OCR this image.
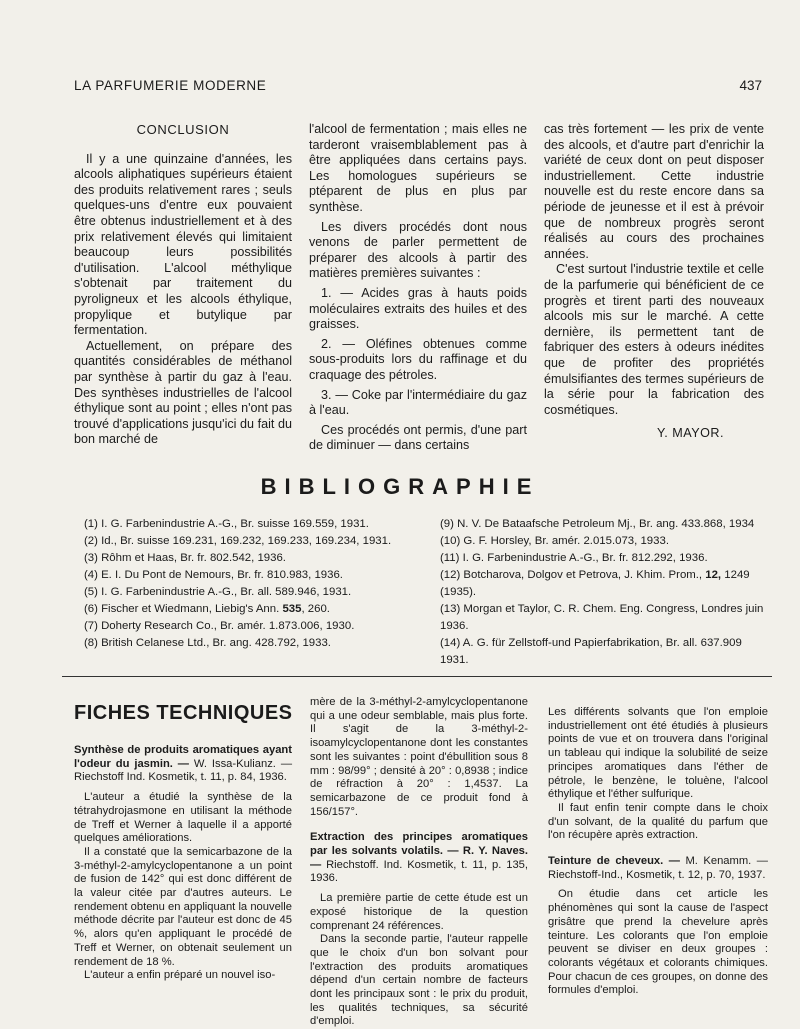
LA PARFUMERIE MODERNE	437
CONCLUSION

Il y a une quinzaine d'années, les alcools aliphatiques supérieurs étaient des produits relativement rares ; seuls quelques-uns d'entre eux pouvaient être obtenus industriellement et à des prix relativement élevés qui limitaient beaucoup leurs possibilités d'utilisation. L'alcool méthylique s'obtenait par traitement du pyroligneux et les alcools éthylique, propylique et butylique par fermentation.

Actuellement, on prépare des quantités considérables de méthanol par synthèse à partir du gaz à l'eau. Des synthèses industrielles de l'alcool éthylique sont au point ; elles n'ont pas trouvé d'applications jusqu'ici du fait du bon marché de

l'alcool de fermentation ; mais elles ne tarderont vraisemblablement pas à être appliquées dans certains pays. Les homologues supérieurs se ptéparent de plus en plus par synthèse.

Les divers procédés dont nous venons de parler permettent de préparer des alcools à partir des matières premières suivantes :

1. — Acides gras à hauts poids moléculaires extraits des huiles et des graisses.

2. — Oléfines obtenues comme sous-produits lors du raffinage et du craquage des pétroles.

3. — Coke par l'intermédiaire du gaz à l'eau.

Ces procédés ont permis, d'une part de diminuer — dans certains

cas très fortement — les prix de vente des alcools, et d'autre part d'enrichir la variété de ceux dont on peut disposer industriellement. Cette industrie nouvelle est du reste encore dans sa période de jeunesse et il est à prévoir que de nombreux progrès seront réalisés au cours des prochaines années.

C'est surtout l'industrie textile et celle de la parfumerie qui bénéficient de ce progrès et tirent parti des nouveaux alcools mis sur le marché. A cette dernière, ils permettent tant de fabriquer des esters à odeurs inédites que de profiter des propriétés émulsifiantes des termes supérieurs de la série pour la fabrication des cosmétiques.

Y. MAYOR.
BIBLIOGRAPHIE
(1) I. G. Farbenindustrie A.-G., Br. suisse 169.559, 1931.
(2) Id., Br. suisse 169.231, 169.232, 169.233, 169.234, 1931.
(3) Rôhm et Haas, Br. fr. 802.542, 1936.
(4) E. I. Du Pont de Nemours, Br. fr. 810.983, 1936.
(5) I. G. Farbenindustrie A.-G., Br. all. 589.946, 1931.
(6) Fischer et Wiedmann, Liebig's Ann. 535, 260.
(7) Doherty Research Co., Br. amér. 1.873.006, 1930.
(8) British Celanese Ltd., Br. ang. 428.792, 1933.
(9) N. V. De Bataafsche Petroleum Mj., Br. ang. 433.868, 1934
(10) G. F. Horsley, Br. amér. 2.015.073, 1933.
(11) I. G. Farbenindustrie A.-G., Br. fr. 812.292, 1936.
(12) Botcharova, Dolgov et Petrova, J. Khim. Prom., 12, 1249 (1935).
(13) Morgan et Taylor, C. R. Chem. Eng. Congress, Londres juin 1936.
(14) A. G. für Zellstoff-und Papierfabrikation, Br. all. 637.909 1931.
FICHES TECHNIQUES

Synthèse de produits aromatiques ayant l'odeur du jasmin. — W. Issa-Kulianz. — Riechstoff Ind. Kosmetik, t. 11, p. 84, 1936.

L'auteur a étudié la synthèse de la tétrahydrojasmone en utilisant la méthode de Treff et Werner à laquelle il a apporté quelques améliorations.

Il a constaté que la semicarbazone de la 3-méthyl-2-amylcyclopentanone a un point de fusion de 142° qui est donc différent de la valeur citée par d'autres auteurs. Le rendement obtenu en appliquant la nouvelle méthode décrite par l'auteur est donc de 45 %, alors qu'en appliquant le procédé de Treff et Werner, on obtenait seulement un rendement de 18 %.

L'auteur a enfin préparé un nouvel iso-

mère de la 3-méthyl-2-amylcyclopentanone qui a une odeur semblable, mais plus forte. Il s'agit de la 3-méthyl-2-isoamylcyclopentanone dont les constantes sont les suivantes : point d'ébullition sous 8 mm : 98/99° ; densité à 20° : 0,8938 ; indice de réfraction à 20° : 1,4537. La semicarbazone de ce produit fond à 156/157°.

Extraction des principes aromatiques par les solvants volatils. — R. Y. Naves. — Riechstoff. Ind. Kosmetik, t. 11, p. 135, 1936.

La première partie de cette étude est un exposé historique de la question comprenant 24 références.

Dans la seconde partie, l'auteur rappelle que le choix d'un bon solvant pour l'extraction des produits aromatiques dépend d'un certain nombre de facteurs dont les principaux sont : le prix du produit, les qualités techniques, sa sécurité d'emploi.

Les différents solvants que l'on emploie industriellement ont été étudiés à plusieurs points de vue et on trouvera dans l'original un tableau qui indique la solubilité de seize principes aromatiques dans l'éther de pétrole, le benzène, le toluène, l'alcool éthylique et l'éther sulfurique.

Il faut enfin tenir compte dans le choix d'un solvant, de la qualité du parfum que l'on récupère après extraction.

Teinture de cheveux. — M. Kenamm. — Riechstoff-Ind., Kosmetik, t. 12, p. 70, 1937.

On étudie dans cet article les phénomènes qui sont la cause de l'aspect grisâtre que prend la chevelure après teinture. Les colorants que l'on emploie peuvent se diviser en deux groupes : colorants végétaux et colorants chimiques. Pour chacun de ces groupes, on donne des formules d'emploi.
